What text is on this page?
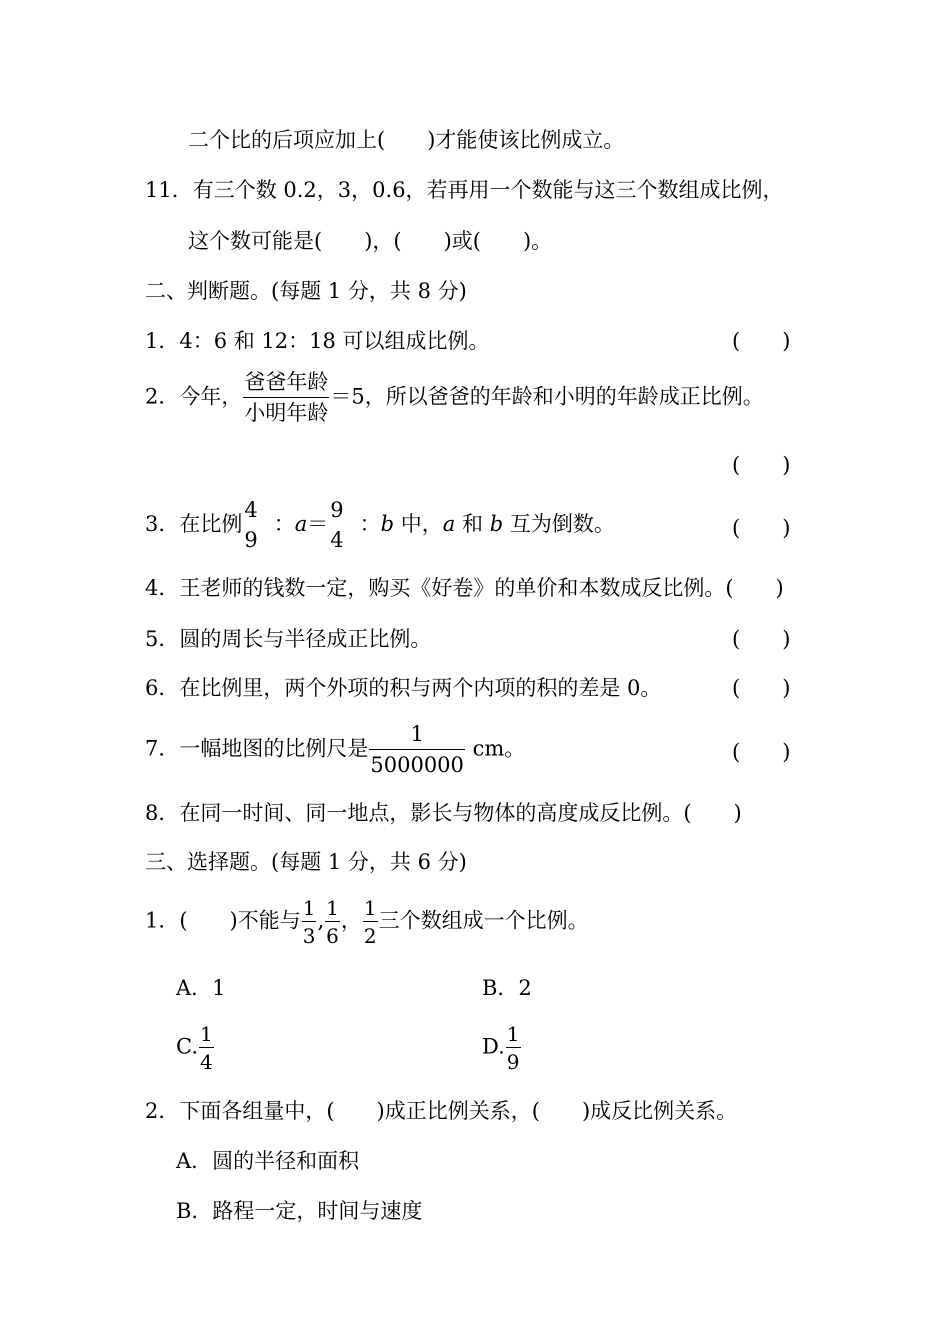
二个比的后项应加上(　　)才能使该比例成立。
11．有三个数 0.2，3，0.6，若再用一个数能与这三个数组成比例，
这个数可能是(　　)，(　　)或(　　)。
二、判断题。(每题 1 分，共 8 分)
1．4：6 和 12：18 可以组成比例。	(　　)
2．今年， $\frac{\text{爸爸年龄}}{\text{小明年龄}} =5$，所以爸爸的年龄和小明的年龄成正比例。
(　　)
3．在比例
4
9
：a＝
9
4
：b 中，a 和 b 互为倒数。	(　　)
4．王老师的钱数一定，购买《好卷》的单价和本数成反比例。(　　)
5．圆的周长与半径成正比例。	(　　)
6．在比例里，两个外项的积与两个内项的积的差是 0。	(　　)
7．一幅地图的比例尺是 $\frac{1}{5000000}$ cm。	(　　)
8．在同一时间、同一地点，影长与物体的高度成反比例。(　　)
三、选择题。(每题 1 分，共 6 分)
1．(　　)不能与 $\frac{1}{3}$ , $\frac{1}{6}$ ， $\frac{1}{2}$ 三个数组成一个比例。
A．1	B．2
C. $\frac{1}{4}$	D. $\frac{1}{9}$
2．下面各组量中，(　　)成正比例关系，(　　)成反比例关系。
A．圆的半径和面积
B．路程一定，时间与速度
